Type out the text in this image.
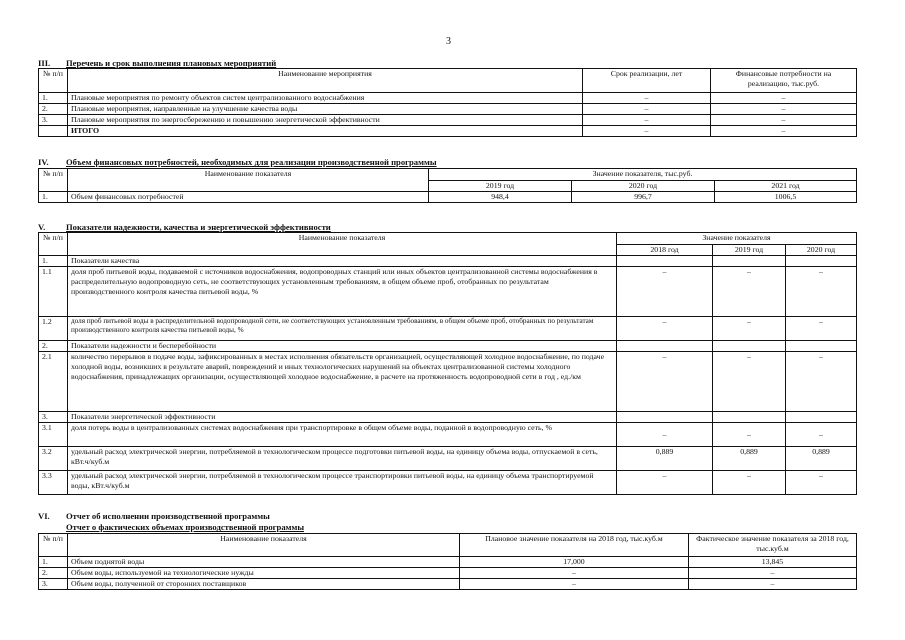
3
III. Перечень и срок выполнения плановых мероприятий
№ п/п	Наименование мероприятия	Срок реализации, лет	Финансовые потребности на реализацию, тыс.руб.
1.	Плановые мероприятия по ремонту объектов систем централизованного водоснабжения	–	–
2.	Плановые мероприятия, направленные на улучшение качества воды	–	–
3.	Плановые мероприятия по энергосбережению и повышению энергетической эффективности	–	–
	ИТОГО	–	–
IV. Объем финансовых потребностей, необходимых для реализации производственной программы
№ п/п	Наименование показателя	Значение показателя, тыс.руб.		
		2019 год	2020 год	2021 год
1.	Объем финансовых потребностей	948,4	996,7	1006,5
V. Показатели надежности, качества и энергетической эффективности
№ п/п	Наименование показателя	Значение показателя		
		2018 год	2019 год	2020 год
1.	Показатели качества			
1.1	доля проб питьевой воды, подаваемой с источников водоснабжения, водопроводных станций или иных объектов централизованной системы водоснабжения в распределительную водопроводную сеть, не соответствующих установленным требованиям, в общем объеме проб, отобранных по результатам производственного контроля качества питьевой воды, %	–	–	–
1.2	доля проб питьевой воды в распределительной водопроводной сети, не соответствующих установленным требованиям, в общем объеме проб, отобранных по результатам производственного контроля качества питьевой воды, %	–	–	–
2.	Показатели надежности и бесперебойности			
2.1	количество перерывов в подаче воды, зафиксированных в местах исполнения обязательств организацией, осуществляющей холодное водоснабжение, по подаче холодной воды, возникших в результате аварий, повреждений и иных технологических нарушений на объектах централизованной системы холодного водоснабжения, принадлежащих организации, осуществляющей холодное водоснабжение, в расчете на протяженность водопроводной сети в год , ед./км	–	–	–
3.	Показатели энергетической эффективности			
3.1	доля потерь воды в централизованных системах водоснабжения при транспортировке в общем объеме воды, поданной в водопроводную сеть, %	–	–	–
3.2	удельный расход электрической энергии, потребляемой в технологическом процессе подготовки питьевой воды, на единицу объема воды, отпускаемой в сеть, кВт.ч/куб.м	0,889	0,889	0,889
3.3	удельный расход электрической энергии, потребляемой в технологическом процессе транспортировки питьевой воды, на единицу объема транспортируемой воды, кВт.ч/куб.м	–	–	–
VI. Отчет об исполнении производственной программы
Отчет о фактических объемах производственной программы
№ п/п	Наименование показателя	Плановое значение показателя на 2018 год, тыс.куб.м	Фактическое значение показателя за 2018 год, тыс.куб.м
1.	Объем поднятой воды	17,000	13,845
2.	Объем воды, используемой на технологические нужды	–	–
3.	Объем воды, полученной от сторонних поставщиков	–	–
